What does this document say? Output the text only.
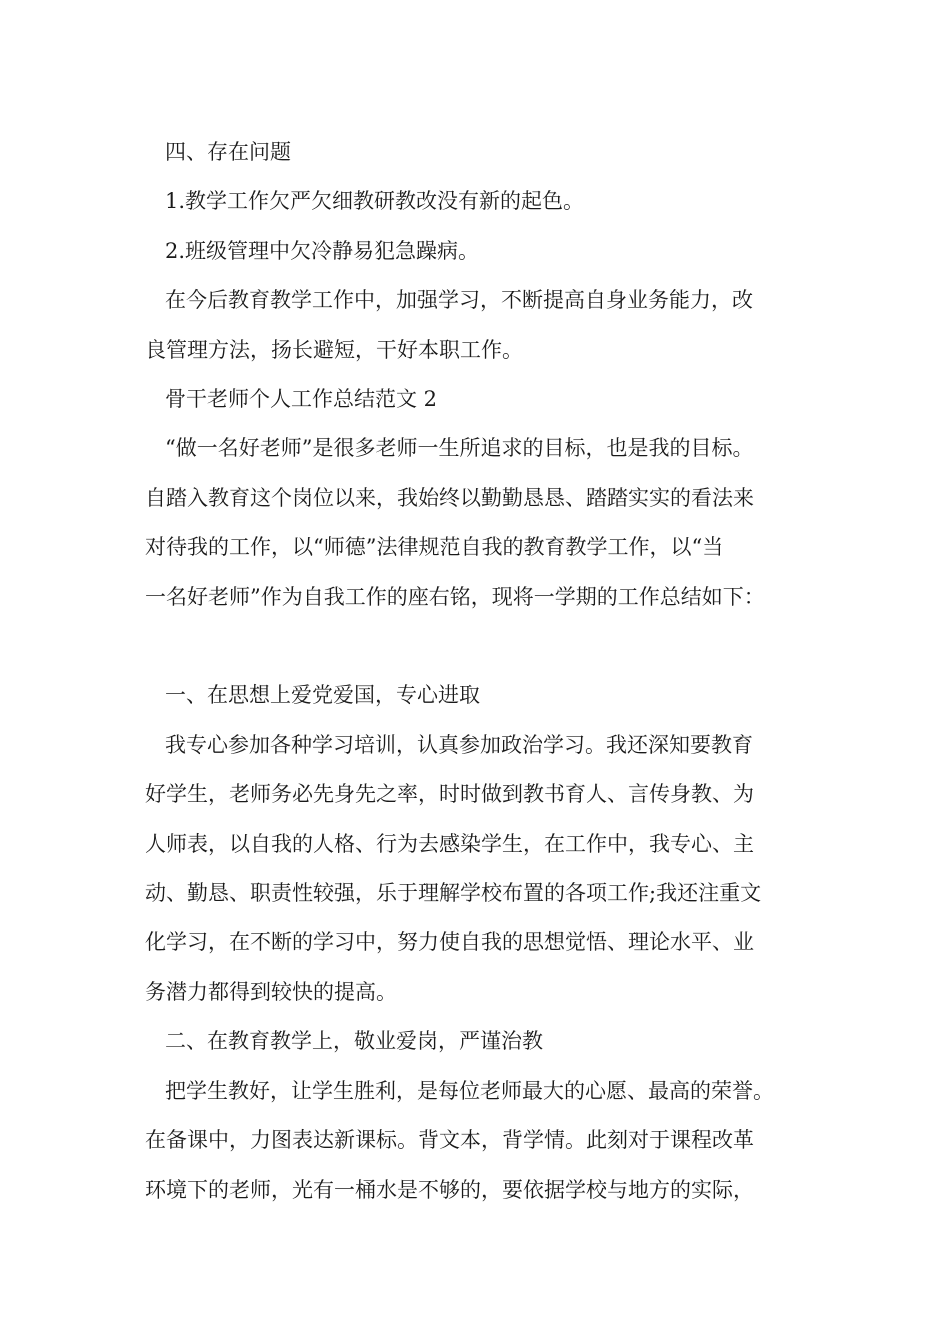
四、存在问题

1.教学工作欠严欠细教研教改没有新的起色。

2.班级管理中欠冷静易犯急躁病。

在今后教育教学工作中，加强学习，不断提高自身业务能力，改

良管理方法，扬长避短，干好本职工作。

骨干老师个人工作总结范文 2

“做一名好老师”是很多老师一生所追求的目标，也是我的目标。

自踏入教育这个岗位以来，我始终以勤勤恳恳、踏踏实实的看法来

对待我的工作，以“师德”法律规范自我的教育教学工作，以“当

一名好老师”作为自我工作的座右铭，现将一学期的工作总结如下：

一、在思想上爱党爱国，专心进取

我专心参加各种学习培训，认真参加政治学习。我还深知要教育

好学生，老师务必先身先之率，时时做到教书育人、言传身教、为

人师表，以自我的人格、行为去感染学生，在工作中，我专心、主

动、勤恳、职责性较强，乐于理解学校布置的各项工作;我还注重文

化学习，在不断的学习中，努力使自我的思想觉悟、理论水平、业

务潜力都得到较快的提高。

二、在教育教学上，敬业爱岗，严谨治教

把学生教好，让学生胜利，是每位老师最大的心愿、最高的荣誉。

在备课中，力图表达新课标。背文本，背学情。此刻对于课程改革

环境下的老师，光有一桶水是不够的，要依据学校与地方的实际，
